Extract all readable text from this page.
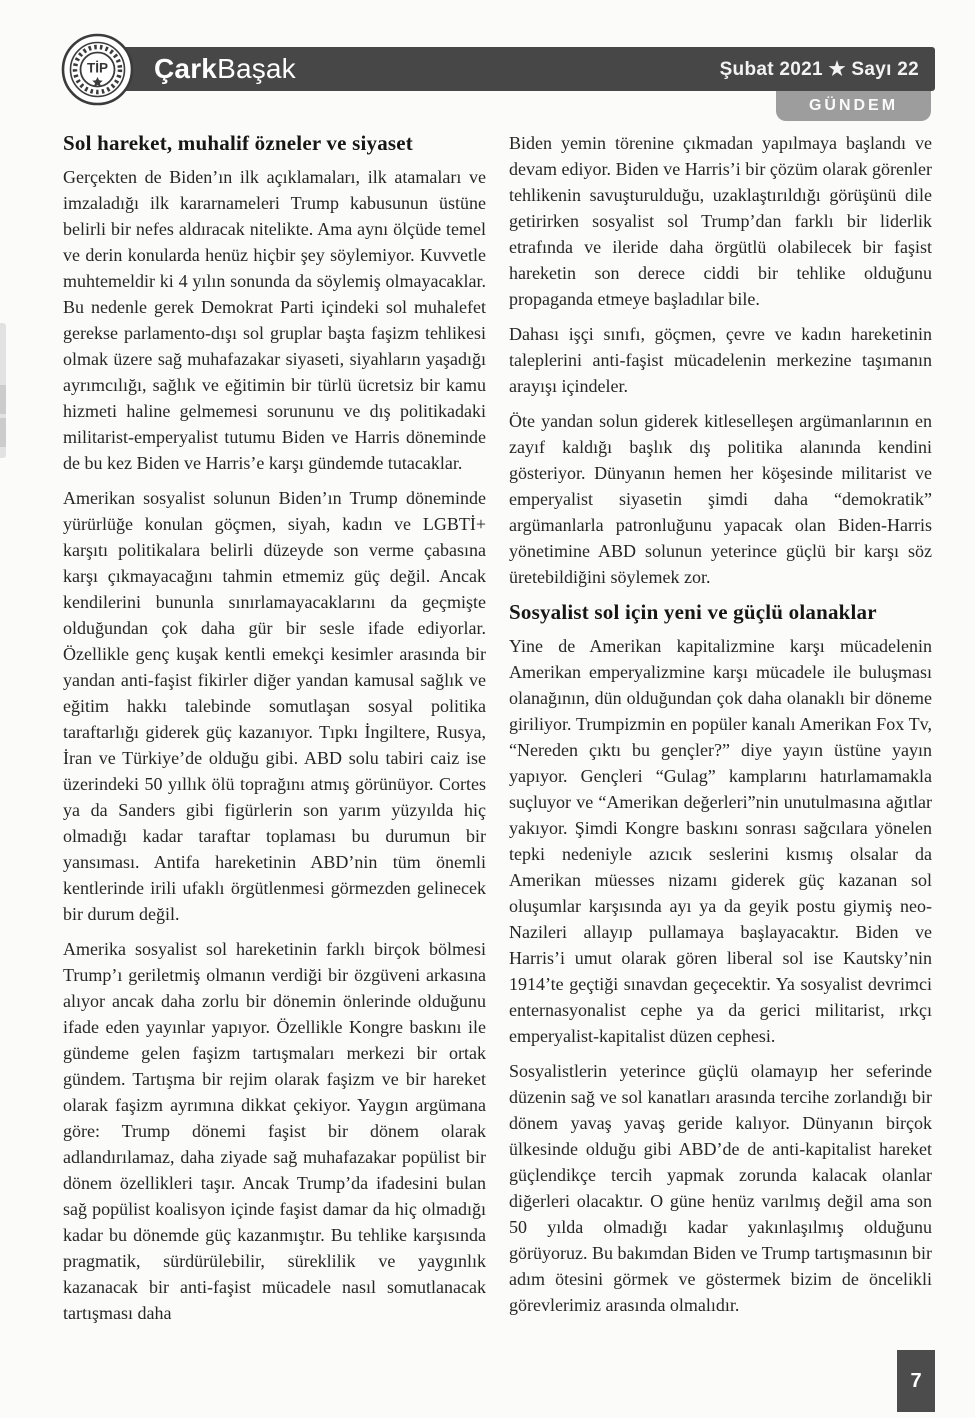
ÇarkBaşak	Şubat 2021 ★ Sayı 22
TİP
GÜNDEM
Sol hareket, muhalif özneler ve siyaset

Gerçekten de Biden’ın ilk açıklamaları, ilk atamaları ve imzaladığı ilk kararnameleri Trump kabusunun üstüne belirli bir nefes aldıracak nitelikte. Ama aynı ölçüde temel ve derin konularda henüz hiçbir şey söylemiyor. Kuvvetle muhtemeldir ki 4 yılın sonunda da söylemiş olmayacaklar. Bu nedenle gerek Demokrat Parti içindeki sol muhalefet gerekse parlamento-dışı sol gruplar başta faşizm tehlikesi olmak üzere sağ muhafazakar siyaseti, siyahların yaşadığı ayrımcılığı, sağlık ve eğitimin bir türlü ücretsiz bir kamu hizmeti haline gelmemesi sorununu ve dış politikadaki militarist-emperyalist tutumu Biden ve Harris döneminde de bu kez Biden ve Harris’e karşı gündemde tutacaklar.

Amerikan sosyalist solunun Biden’ın Trump döneminde yürürlüğe konulan göçmen, siyah, kadın ve LGBTİ+ karşıtı politikalara belirli düzeyde son verme çabasına karşı çıkmayacağını tahmin etmemiz güç değil. Ancak kendilerini bununla sınırlamayacaklarını da geçmişte olduğundan çok daha gür bir sesle ifade ediyorlar. Özellikle genç kuşak kentli emekçi kesimler arasında bir yandan anti-faşist fikirler diğer yandan kamusal sağlık ve eğitim hakkı talebinde somutlaşan sosyal politika taraftarlığı giderek güç kazanıyor. Tıpkı İngiltere, Rusya, İran ve Türkiye’de olduğu gibi. ABD solu tabiri caiz ise üzerindeki 50 yıllık ölü toprağını atmış görünüyor. Cortes ya da Sanders gibi figürlerin son yarım yüzyılda hiç olmadığı kadar taraftar toplaması bu durumun bir yansıması. Antifa hareketinin ABD’nin tüm önemli kentlerinde irili ufaklı örgütlenmesi görmezden gelinecek bir durum değil.

Amerika sosyalist sol hareketinin farklı birçok bölmesi Trump’ı geriletmiş olmanın verdiği bir özgüveni arkasına alıyor ancak daha zorlu bir dönemin önlerinde olduğunu ifade eden yayınlar yapıyor. Özellikle Kongre baskını ile gündeme gelen faşizm tartışmaları merkezi bir ortak gündem. Tartışma bir rejim olarak faşizm ve bir hareket olarak faşizm ayrımına dikkat çekiyor. Yaygın argümana göre: Trump dönemi faşist bir dönem olarak adlandırılamaz, daha ziyade sağ muhafazakar popülist bir dönem özellikleri taşır. Ancak Trump’da ifadesini bulan sağ popülist koalisyon içinde faşist damar da hiç olmadığı kadar bu dönemde güç kazanmıştır. Bu tehlike karşısında pragmatik, sürdürülebilir, süreklilik ve yaygınlık kazanacak bir anti-faşist mücadele nasıl somutlanacak tartışması daha

Biden yemin törenine çıkmadan yapılmaya başlandı ve devam ediyor. Biden ve Harris’i bir çözüm olarak görenler tehlikenin savuşturulduğu, uzaklaştırıldığı görüşünü dile getirirken sosyalist sol Trump’dan farklı bir liderlik etrafında ve ileride daha örgütlü olabilecek bir faşist hareketin son derece ciddi bir tehlike olduğunu propaganda etmeye başladılar bile.

Dahası işçi sınıfı, göçmen, çevre ve kadın hareketinin taleplerini anti-faşist mücadelenin merkezine taşımanın arayışı içindeler.

Öte yandan solun giderek kitleselleşen argümanlarının en zayıf kaldığı başlık dış politika alanında kendini gösteriyor. Dünyanın hemen her köşesinde militarist ve emperyalist siyasetin şimdi daha “demokratik” argümanlarla patronluğunu yapacak olan Biden-Harris yönetimine ABD solunun yeterince güçlü bir karşı söz üretebildiğini söylemek zor.

Sosyalist sol için yeni ve güçlü olanaklar

Yine de Amerikan kapitalizmine karşı mücadelenin Amerikan emperyalizmine karşı mücadele ile buluşması olanağının, dün olduğundan çok daha olanaklı bir döneme giriliyor. Trumpizmin en popüler kanalı Amerikan Fox Tv, “Nereden çıktı bu gençler?” diye yayın üstüne yayın yapıyor. Gençleri “Gulag” kamplarını hatırlamamakla suçluyor ve “Amerikan değerleri”nin unutulmasına ağıtlar yakıyor. Şimdi Kongre baskını sonrası sağcılara yönelen tepki nedeniyle azıcık seslerini kısmış olsalar da Amerikan müesses nizamı giderek güç kazanan sol oluşumlar karşısında ayı ya da geyik postu giymiş neo-Nazileri allayıp pullamaya başlayacaktır. Biden ve Harris’i umut olarak gören liberal sol ise Kautsky’nin 1914’te geçtiği sınavdan geçecektir. Ya sosyalist devrimci enternasyonalist cephe ya da gerici militarist, ırkçı emperyalist-kapitalist düzen cephesi.

Sosyalistlerin yeterince güçlü olamayıp her seferinde düzenin sağ ve sol kanatları arasında tercihe zorlandığı bir dönem yavaş yavaş geride kalıyor. Dünyanın birçok ülkesinde olduğu gibi ABD’de de anti-kapitalist hareket güçlendikçe tercih yapmak zorunda kalacak olanlar diğerleri olacaktır. O güne henüz varılmış değil ama son 50 yılda olmadığı kadar yakınlaşılmış olduğunu görüyoruz. Bu bakımdan Biden ve Trump tartışmasının bir adım ötesini görmek ve göstermek bizim de öncelikli görevlerimiz arasında olmalıdır.

7
